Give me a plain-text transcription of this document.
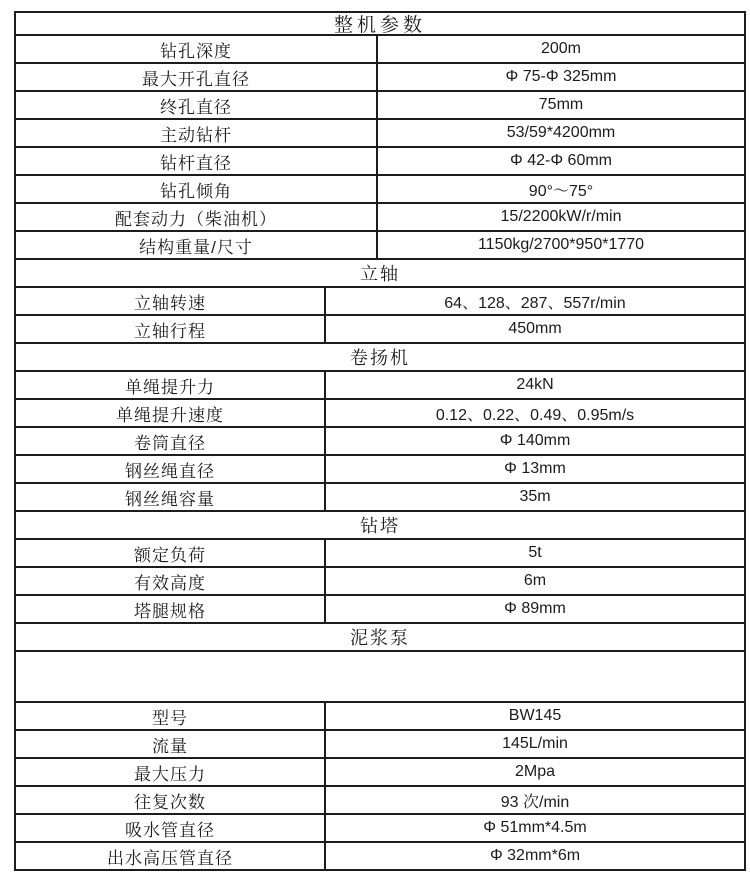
整机参数
钻孔深度	200m
最大开孔直径	Φ 75-Φ 325mm
终孔直径	75mm
主动钻杆	53/59*4200mm
钻杆直径	Φ 42-Φ 60mm
钻孔倾角	90°～75°
配套动力（柴油机）	15/2200kW/r/min
结构重量/尺寸	1150kg/2700*950*1770
立轴
立轴转速	64、128、287、557r/min
立轴行程	450mm
卷扬机
单绳提升力	24kN
单绳提升速度	0.12、0.22、0.49、0.95m/s
卷筒直径	Φ 140mm
钢丝绳直径	Φ 13mm
钢丝绳容量	35m
钻塔
额定负荷	5t
有效高度	6m
塔腿规格	Φ 89mm
泥浆泵
型号	BW145
流量	145L/min
最大压力	2Mpa
往复次数	93 次/min
吸水管直径	Φ 51mm*4.5m
出水高压管直径	Φ 32mm*6m
